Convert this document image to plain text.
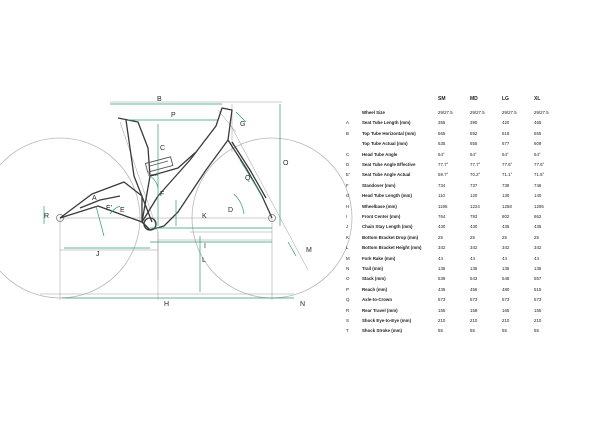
B
P
G
C
O
Travel
A
E' E
F
Q
D
R	K
I
J
M
L
H	N
SM	MD	LG	XL
Wheel Size	29/27.5	29/27.5	29/27.5	29/27.5
A	Seat Tube Length (mm)	355	390	420	465
B	Top Tube Horizontal (mm)	565	592	618	655
Top Tube Actual (mm)	535	555	577	609
C	Head Tube Angle	64°	64°	64°	64°
D	Seat Tube Angle Effective	77.7°	77.7°	77.6°	77.6°
E'	Seat Tube Angle Actual	69.7°	70.2°	71.1°	71.5°
F	Standover (mm)	734	737	739	746
G	Head Tube Length (mm)	110	120	130	140
H	Wheelbase (mm)	1195	1224	1258	1295
I	Front Center (mm)	764	793	802	862
J	Chain Stay Length (mm)	430	430	435	435
K	Bottom Bracket Drop (mm)	25	25	25	25
L	Bottom Bracket Height (mm)	342	342	342	342
M	Fork Rake (mm)	44	44	44	44
N	Trail (mm)	135	135	135	135
O	Stack (mm)	639	643	648	657
P	Reach (mm)	435	456	480	515
Q	Axle-to-Crown	573	573	573	573
R	Rear Travel (mm)	155	158	165	155
S	Shock Eye-to-Eye (mm)	210	210	210	210
T	Shock Stroke (mm)	55	55	55	55
